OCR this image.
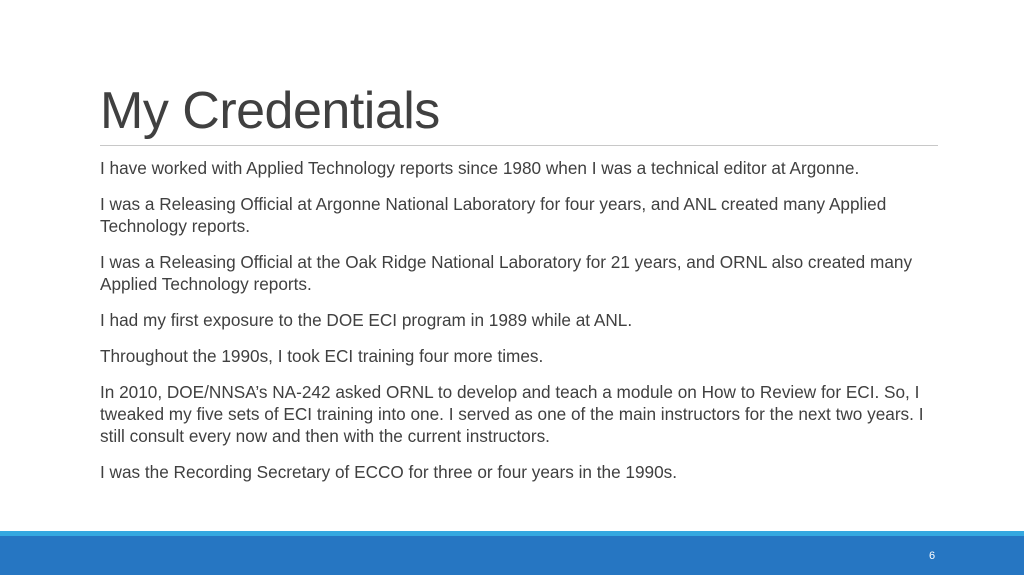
My Credentials

I have worked with Applied Technology reports since 1980 when I was a technical editor at Argonne.

I was a Releasing Official at Argonne National Laboratory for four years, and ANL created many Applied Technology reports.

I was a Releasing Official at the Oak Ridge National Laboratory for 21 years, and ORNL also created many Applied Technology reports.

I had my first exposure to the DOE ECI program in 1989 while at ANL.

Throughout the 1990s, I took ECI training four more times.

In 2010, DOE/NNSA’s NA-242 asked ORNL to develop and teach a module on How to Review for ECI. So, I tweaked my five sets of ECI training into one. I served as one of the main instructors for the next two years. I still consult every now and then with the current instructors.

I was the Recording Secretary of ECCO for three or four years in the 1990s.

6
